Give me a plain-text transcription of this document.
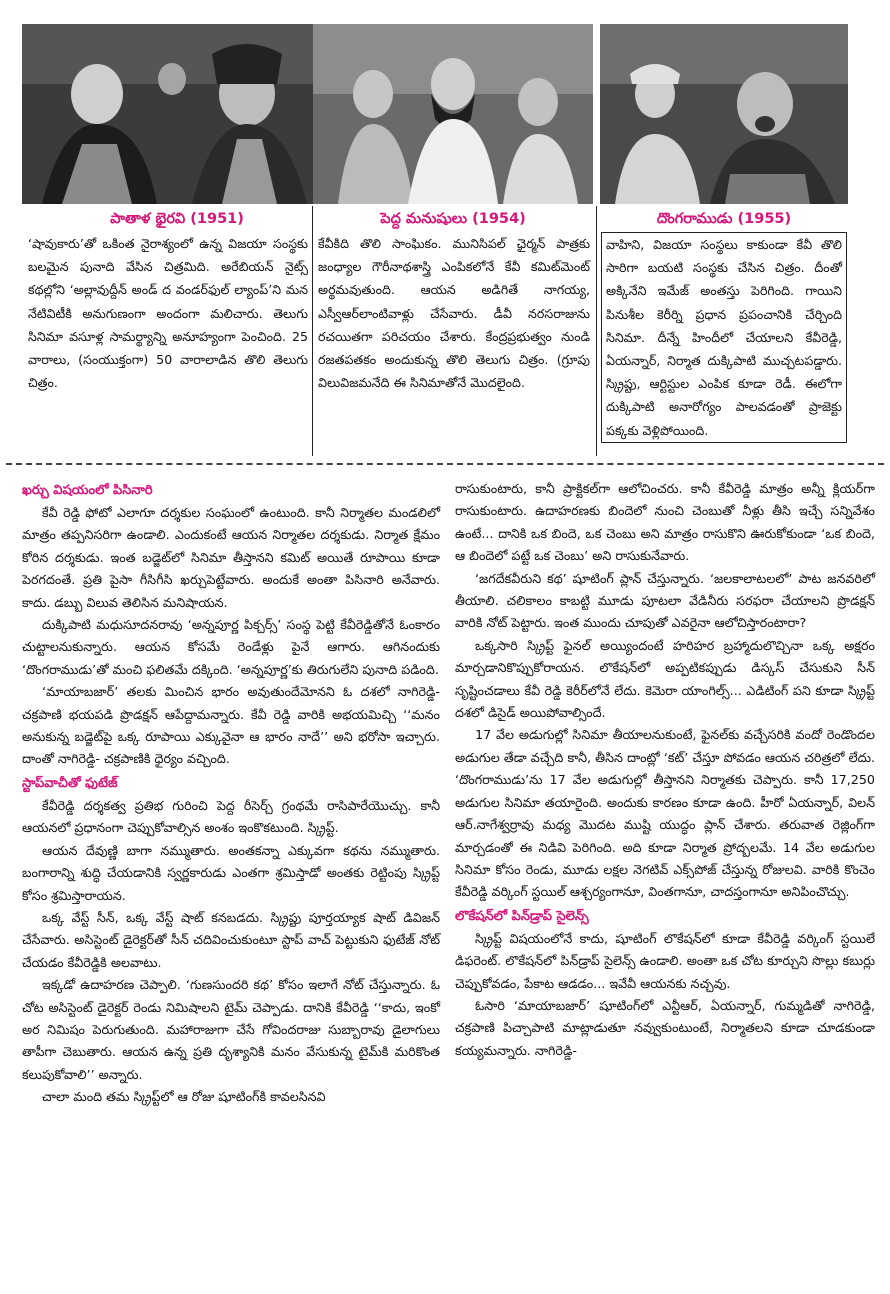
పాతాళ భైరవి (1951)	పెద్ద మనుషులు (1954)	దొంగరాముడు (1955)

‘షావుకారు’తో ఒకింత నైరాశ్యంలో ఉన్న విజయా సంస్థకు బలమైన పునాది వేసిన చిత్రమిది. అరేబియన్ నైట్స్ కథల్లోని ‘అల్లావుద్దీన్ అండ్ ద వండర్‌ఫుల్ ల్యాంప్’ని మన నేటివిటీకి అనుగుణంగా అందంగా మలిచారు. తెలుగు సినిమా వసూళ్ల సామర్థ్యాన్ని అనూహ్యంగా పెంచింది. 25 వారాలు, (సంయుక్తంగా) 50 వారాలాడిన తొలి తెలుగు చిత్రం.

కేవీకిది తొలి సాంఘికం. మునిసిపల్ ఛైర్మన్ పాత్రకు జంధ్యాల గౌరీనాథశాస్త్రి ఎంపికలోనే కేవీ కమిట్‌మెంట్ అర్థమవుతుంది. ఆయన అడిగితే నాగయ్య, ఎస్వీఆర్‌లాంటివాళ్లు చేసేవారు. డీవీ నరసరాజును రచయితగా పరిచయం చేశారు. కేంద్రప్రభుత్వం నుండి రజతపతకం అందుకున్న తొలి తెలుగు చిత్రం. (గ్రూపు విలువిజమనేది ఈ సినిమాతోనే మొదలైంది.

వాహిని, విజయా సంస్థలు కాకుండా కేవీ తొలి సారిగా బయటి సంస్థకు చేసిన చిత్రం. దీంతో అక్కినేని ఇమేజ్ అంతస్తు పెరిగింది. గాయిని పినుశీల కెరీర్ని ప్రధాన ప్రపంచానికి చేర్చింది సినిమా. దీన్నే హిందీలో చేయాలని కేవీరెడ్డి, ఏయన్నార్, నిర్మాత దుక్కిపాటి ముచ్చటపడ్డారు. స్క్రిప్టు, ఆర్టిస్టుల ఎంపిక కూడా రెడీ. ఈలోగా దుక్కిపాటి అనారోగ్యం పాలవడంతో ప్రాజెక్టు పక్కకు వెళ్లిపోయింది.

ఖర్చు విషయంలో పిసినారి

కేవీ రెడ్డి ఫోటో ఎలాగూ దర్శకుల సంఘంలో ఉంటుంది. కానీ నిర్మాతల మండలిలో మాత్రం తప్పనిసరిగా ఉండాలి. ఎందుకంటే ఆయన నిర్మాతల దర్శకుడు. నిర్మాత క్షేమం కోరిన దర్శకుడు. ఇంత బడ్జెట్‌లో సినిమా తీస్తానని కమిట్ అయితే రూపాయి కూడా పెరగదంతే. ప్రతి పైసా గీసిగీసి ఖర్చుపెట్టేవారు. అందుకే అంతా పిసినారి అనేవారు. కాదు. డబ్బు విలువ తెలిసిన మనిషాయన.

దుక్కిపాటి మధుసూదనరావు ‘అన్నపూర్ణ పిక్చర్స్’ సంస్థ పెట్టి కేవీరెడ్డితోనే ఓంకారం చుట్టాలనుకున్నారు. ఆయన కోసమే రెండేళ్లు పైనే ఆగారు. ఆగినందుకు ‘దొంగరాముడు’తో మంచి ఫలితమే దక్కింది. ‘అన్నపూర్ణ’కు తిరుగులేని పునాది పడింది.

‘మాయాబజార్’ తలకు మించిన భారం అవుతుందేమోనని ఓ దశలో నాగిరెడ్డి-చక్రపాణి భయపడి ప్రొడక్షన్ ఆపేద్దామన్నారు. కేవీ రెడ్డి వారికి అభయమిచ్చి ‘‘మనం అనుకున్న బడ్జెట్‌పై ఒక్క రూపాయి ఎక్కువైనా ఆ భారం నాదే’’ అని భరోసా ఇచ్చారు. దాంతో నాగిరెడ్డి- చక్రపాణికి ధైర్యం వచ్చింది.

స్టాప్‌వాచీతో ఫుటేజ్

కేవీరెడ్డి దర్శకత్వ ప్రతిభ గురించి పెద్ద రీసెర్చ్ గ్రంథమే రాసిపారేయొచ్చు. కానీ ఆయనలో ప్రధానంగా చెప్పుకోవాల్సిన అంశం ఇంకొకటుంది. స్క్రిప్ట్.

ఆయన దేవుణ్ణి బాగా నమ్ముతారు. అంతకన్నా ఎక్కువగా కథను నమ్ముతారు. బంగారాన్ని శుద్ధి చేయడానికి స్వర్ణకారుడు ఎంతగా శ్రమిస్తాడో అంతకు రెట్టింపు స్క్రిప్ట్ కోసం శ్రమిస్తారాయన.

ఒక్క వేస్ట్ సీన్, ఒక్క వేస్ట్ షాట్ కనబడదు. స్క్రిప్టు పూర్తయ్యాక షాట్ డివిజన్ చేసేవారు. అసిస్టెంట్ డైరెక్టర్‌తో సీన్ చదివించుకుంటూ స్టాప్ వాచ్ పెట్టుకుని ఫుటేజ్ నోట్ చేయడం కేవీరెడ్డికి అలవాటు.

ఇక్కడో ఉదాహరణ చెప్పాలి. ‘గుణసుందరి కథ’ కోసం ఇలాగే నోట్ చేస్తున్నారు. ఓ చోట అసిస్టెంట్ డైరెక్టర్ రెండు నిమిషాలని టైమ్ చెప్పాడు. దానికి కేవీరెడ్డి ‘‘కాదు, ఇంకో అర నిమిషం పెరుగుతుంది. మహారాజుగా చేసే గోవిందరాజు సుబ్బారావు డైలాగులు తాపీగా చెబుతారు. ఆయన ఉన్న ప్రతి దృశ్యానికి మనం వేసుకున్న టైమ్‌కి మరికొంత కలుపుకోవాలి’’ అన్నారు.

చాలా మంది తమ స్క్రిప్ట్‌లో ఆ రోజు షూటింగ్‌కి కావలసినవి

రాసుకుంటారు, కానీ ప్రాక్టికల్‌గా ఆలోచించరు. కానీ కేవీరెడ్డి మాత్రం అన్నీ క్లియర్‌గా రాసుకుంటారు. ఉదాహరణకు బిందెలో నుంచి చెంబుతో నీళ్లు తీసి ఇచ్చే సన్నివేశం ఉంటే... దానికి ఒక బిందె, ఒక చెంబు అని మాత్రం రాసుకొని ఊరుకోకుండా ‘ఒక బిందె, ఆ బిందెలో పట్టే ఒక చెంబు’ అని రాసుకునేవారు.

‘జగదేకవీరుని కథ’ షూటింగ్ ప్లాన్ చేస్తున్నారు. ‘జలకాలాటలలో’ పాట జనవరిలో తీయాలి. చలికాలం కాబట్టి మూడు పూటలా వేడినీరు సరఫరా చేయాలని ప్రొడక్షన్ వారికి నోట్ పెట్టారు. ఇంత ముందు చూపుతో ఎవరైనా ఆలోచిస్తారంటారా?

ఒక్కసారి స్క్రిప్ట్ ఫైనల్ అయ్యిందంటే హరిహర బ్రహ్మాదులొచ్చినా ఒక్క అక్షరం మార్చడానికొప్పుకోరాయన. లొకేషన్‌లో అప్పటికప్పుడు డిస్కస్ చేసుకుని సీన్ సృష్టించడాలు కేవీ రెడ్డి కెరీర్‌లోనే లేదు. కెమెరా యాంగిల్స్... ఎడిటింగ్ పని కూడా స్క్రిప్ట్ దశలో డిసైడ్ అయిపోవాల్సిందే.

17 వేల అడుగుల్లో సినిమా తీయాలనుకుంటే, ఫైనల్‌కు వచ్చేసరికి వందో రెండొందల అడుగుల తేడా వచ్చేది కానీ, తీసిన దాంట్లో ‘కట్’ చేస్తూ పోవడం ఆయన చరిత్రలో లేదు. ‘దొంగరాముడు’ను 17 వేల అడుగుల్లో తీస్తానని నిర్మాతకు చెప్పారు. కానీ 17,250 అడుగుల సినిమా తయారైంది. అందుకు కారణం కూడా ఉంది. హీరో ఏయన్నార్, విలన్ ఆర్.నాగేశ్వర్రావు మధ్య మొదట ముష్టి యుద్ధం ప్లాన్ చేశారు. తరువాత రెజ్లింగ్‌గా మార్చడంతో ఈ నిడివి పెరిగింది. అది కూడా నిర్మాత ప్రోద్బలమే. 14 వేల అడుగుల సినిమా కోసం రెండు, మూడు లక్షల నెగటివ్ ఎక్స్‌పోజ్ చేస్తున్న రోజులవి. వారికి కొంచెం కేవీరెడ్డి వర్కింగ్ స్టయిల్ ఆశ్చర్యంగానూ, వింతగానూ, చాదస్తంగానూ అనిపించొచ్చు.

లొకేషన్‌లో పిన్‌డ్రాప్ సైలెన్స్

స్క్రిప్ట్ విషయంలోనే కాదు, షూటింగ్ లొకేషన్‌లో కూడా కేవీరెడ్డి వర్కింగ్ స్టయిలే డిఫరెంట్. లొకేషన్‌లో పిన్‌డ్రాప్ సైలెన్స్ ఉండాలి. అంతా ఒక చోట కూర్చుని సొల్లు కబుర్లు చెప్పుకోవడం, పేకాట ఆడడం... ఇవేవీ ఆయనకు నచ్చవు.

ఓసారి ‘మాయాబజార్’ షూటింగ్‌లో ఎన్టీఆర్, ఏయన్నార్, గుమ్మడితో నాగిరెడ్డి, చక్రపాణి పిచ్చాపాటి మాట్లాడుతూ నవ్వుకుంటుంటే, నిర్మాతలని కూడా చూడకుండా కయ్యమన్నారు. నాగిరెడ్డి-
